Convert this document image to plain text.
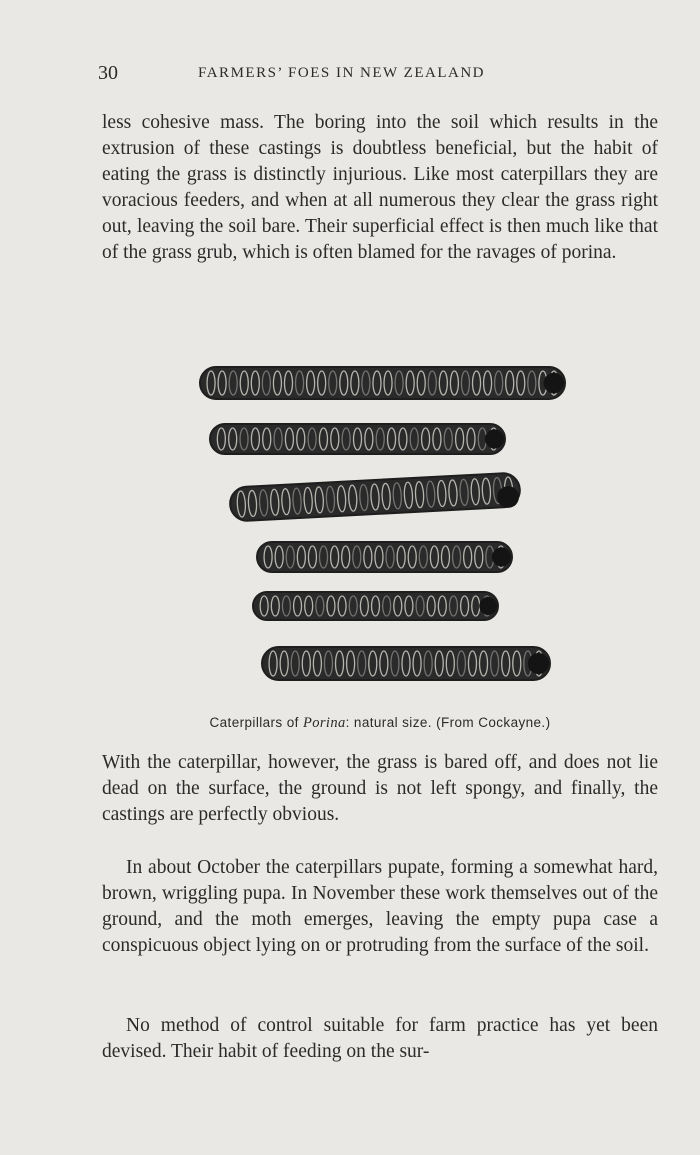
30	FARMERS’ FOES IN NEW ZEALAND

less cohesive mass. The boring into the soil which results in the extrusion of these castings is doubtless beneficial, but the habit of eating the grass is distinctly injurious. Like most caterpillars they are voracious feeders, and when at all numerous they clear the grass right out, leaving the soil bare. Their superficial effect is then much like that of the grass grub, which is often blamed for the ravages of porina.

Caterpillars of Porina: natural size. (From Cockayne.)

With the caterpillar, however, the grass is bared off, and does not lie dead on the surface, the ground is not left spongy, and finally, the castings are perfectly obvious.

In about October the caterpillars pupate, forming a somewhat hard, brown, wriggling pupa. In November these work themselves out of the ground, and the moth emerges, leaving the empty pupa case a conspicuous object lying on or protruding from the surface of the soil.

No method of control suitable for farm practice has yet been devised. Their habit of feeding on the sur-
